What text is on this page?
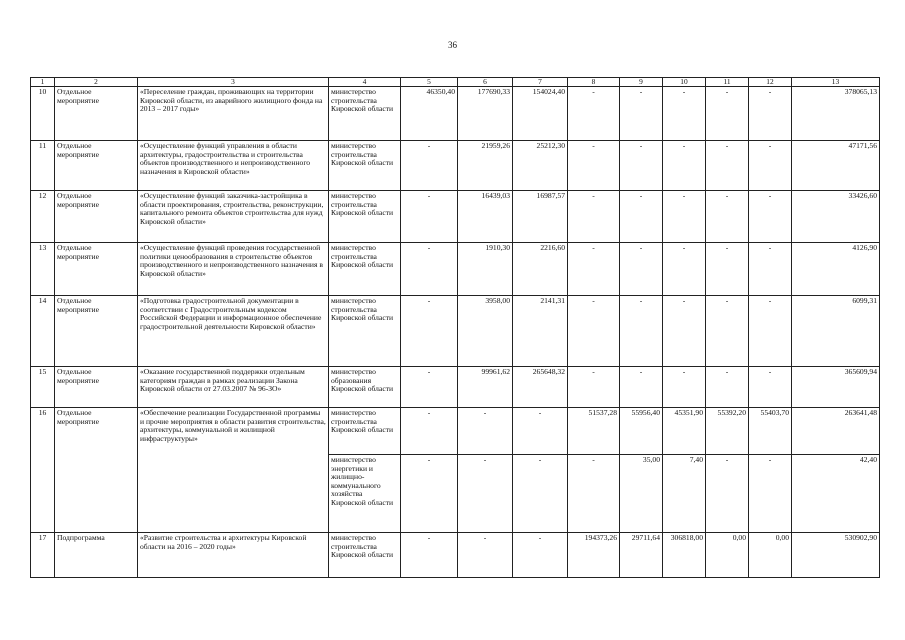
36
1	2	3	4	5	6	7	8	9	10	11	12	13
10	Отдельное мероприятие	«Переселение граждан, проживающих на территории Кировской области, из аварийного жилищного фонда на 2013 – 2017 годы»	министерство строительства Кировской области	46350,40	177690,33	154024,40	-	-	-	-	-	378065,13
11	Отдельное мероприятие	«Осуществление функций управления в области архитектуры, градостроительства и строительства объектов производственного и непроизводственного назначения в Кировской области»	министерство строительства Кировской области	-	21959,26	25212,30	-	-	-	-	-	47171,56
12	Отдельное мероприятие	«Осуществление функций заказчика-застройщика в области проектирования, строительства, реконструкции, капитального ремонта объектов строительства для нужд Кировской области»	министерство строительства Кировской области	-	16439,03	16987,57	-	-	-	-	-	33426,60
13	Отдельное мероприятие	«Осуществление функций проведения государственной политики ценообразования в строительстве объектов производственного и непроизводственного назначения в Кировской области»	министерство строительства Кировской области	-	1910,30	2216,60	-	-	-	-	-	4126,90
14	Отдельное мероприятие	«Подготовка градостроительной документации в соответствии с Градостроительным кодексом Российской Федерации и информационное обеспечение градостроительной деятельности Кировской области»	министерство строительства Кировской области	-	3958,00	2141,31	-	-	-	-	-	6099,31
15	Отдельное мероприятие	«Оказание государственной поддержки отдельным категориям граждан в рамках реализации Закона Кировской области от 27.03.2007 № 96-ЗО»	министерство образования Кировской области	-	99961,62	265648,32	-	-	-	-	-	365609,94
16	Отдельное мероприятие	«Обеспечение реализации Государственной программы и прочие мероприятия в области развития строительства, архитектуры, коммунальной и жилищной инфраструктуры»	министерство строительства Кировской области	-	-	-	51537,28	55956,40	45351,90	55392,20	55403,70	263641,48
			министерство энергетики и жилищно-коммунального хозяйства Кировской области	-	-	-	-	35,00	7,40	-	-	42,40
17	Подпрограмма	«Развитие строительства и архитектуры Кировской области на 2016 – 2020 годы»	министерство строительства Кировской области	-	-	-	194373,26	29711,64	306818,00	0,00	0,00	530902,90
